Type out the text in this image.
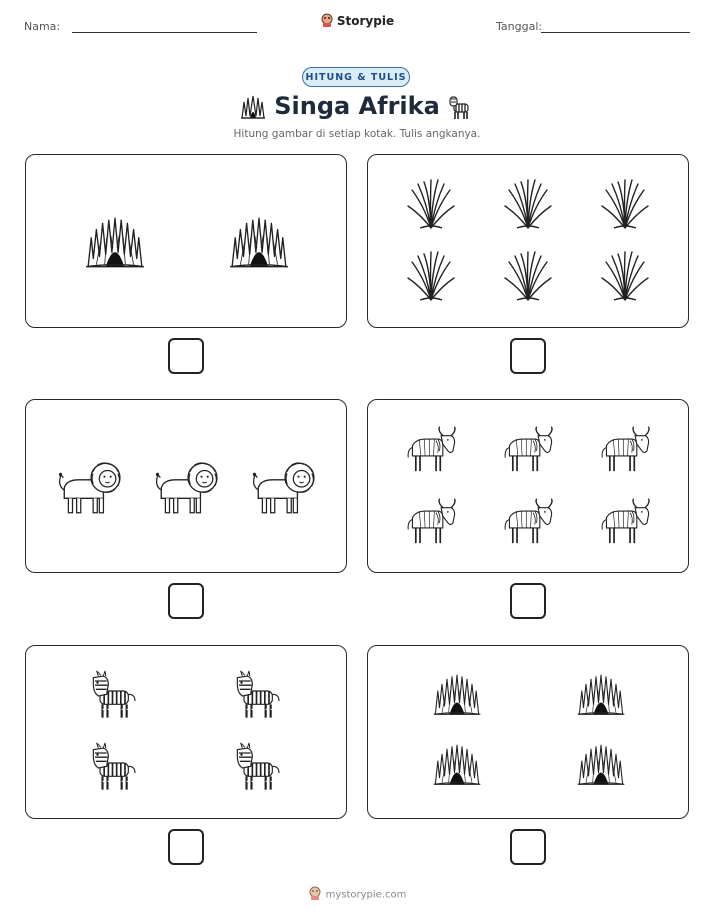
Nama:	Storypie	Tanggal:
HITUNG & TULIS
Singa Afrika
Hitung gambar di setiap kotak. Tulis angkanya.
mystorypie.com
